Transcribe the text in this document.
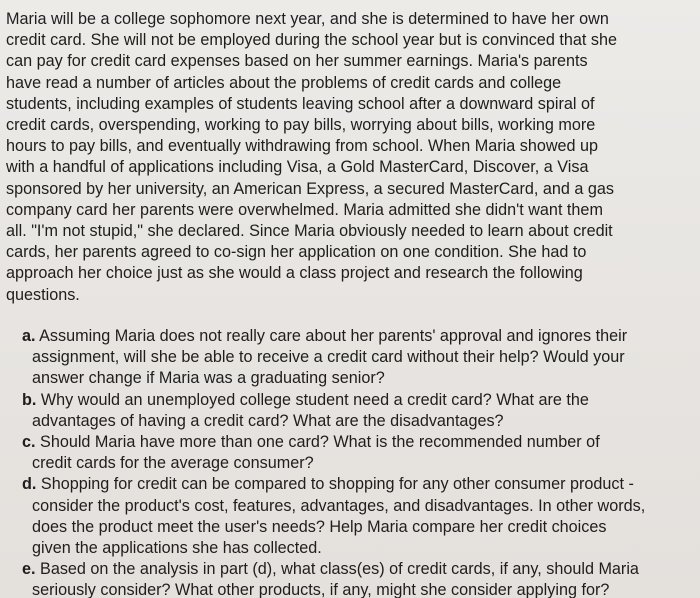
Maria will be a college sophomore next year, and she is determined to have her own
credit card. She will not be employed during the school year but is convinced that she
can pay for credit card expenses based on her summer earnings. Maria's parents
have read a number of articles about the problems of credit cards and college
students, including examples of students leaving school after a downward spiral of
credit cards, overspending, working to pay bills, worrying about bills, working more
hours to pay bills, and eventually withdrawing from school. When Maria showed up
with a handful of applications including Visa, a Gold MasterCard, Discover, a Visa
sponsored by her university, an American Express, a secured MasterCard, and a gas
company card her parents were overwhelmed. Maria admitted she didn't want them
all. "I'm not stupid," she declared. Since Maria obviously needed to learn about credit
cards, her parents agreed to co-sign her application on one condition. She had to
approach her choice just as she would a class project and research the following
questions.
a. Assuming Maria does not really care about her parents' approval and ignores their
assignment, will she be able to receive a credit card without their help? Would your
answer change if Maria was a graduating senior?
b. Why would an unemployed college student need a credit card? What are the
advantages of having a credit card? What are the disadvantages?
c. Should Maria have more than one card? What is the recommended number of
credit cards for the average consumer?
d. Shopping for credit can be compared to shopping for any other consumer product -
consider the product's cost, features, advantages, and disadvantages. In other words,
does the product meet the user's needs? Help Maria compare her credit choices
given the applications she has collected.
e. Based on the analysis in part (d), what class(es) of credit cards, if any, should Maria
seriously consider? What other products, if any, might she consider applying for?
